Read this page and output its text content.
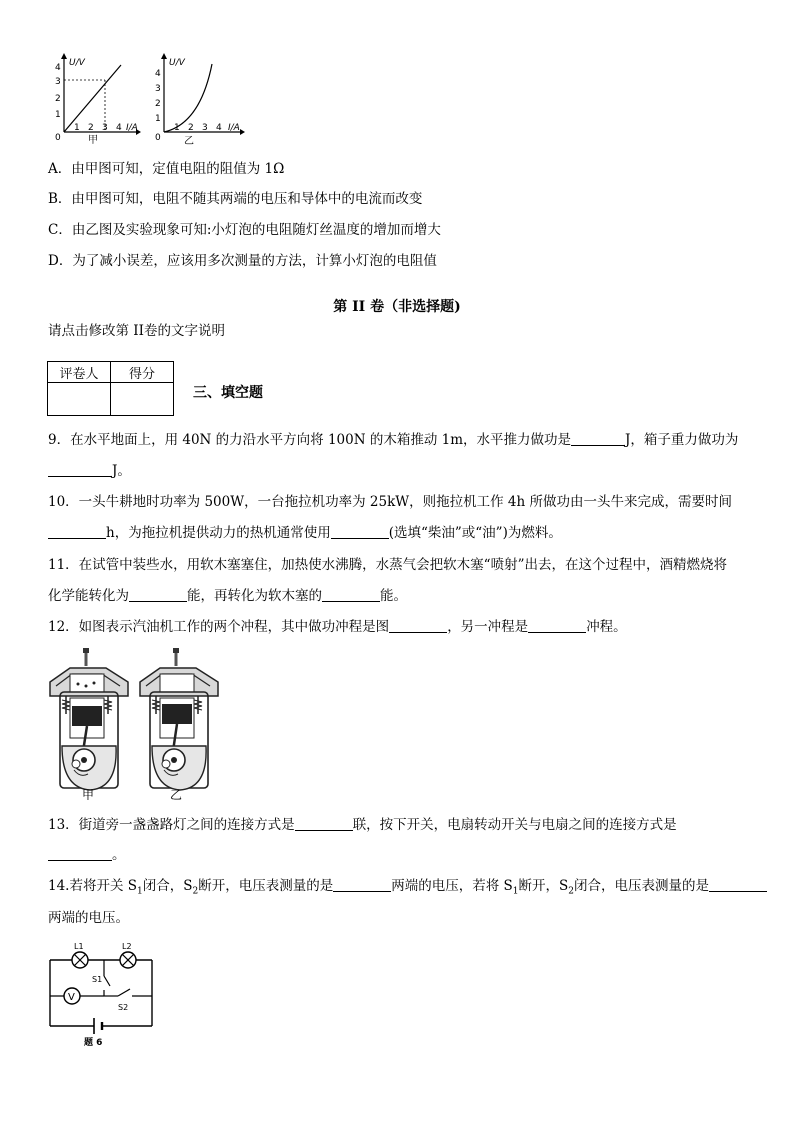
U/V
4
3
2
1
0
1 2 3 4 I/A
甲
U/V
4
3
2
1
0
1 2 3 4 I/A
乙
A．由甲图可知，定值电阻的阻值为 1Ω
B．由甲图可知，电阻不随其两端的电压和导体中的电流而改变
C．由乙图及实验现象可知:小灯泡的电阻随灯丝温度的增加而增大
D．为了减小误差，应该用多次测量的方法，计算小灯泡的电阻值
第 II 卷（非选择题)
请点击修改第 II卷的文字说明
评卷人	得分

三、填空题
9．在水平地面上，用 40N 的力沿水平方向将 100N 的木箱推动 1m，水平推力做功是	J，箱子重力做功为
J。
10．一头牛耕地时功率为 500W，一台拖拉机功率为 25kW，则拖拉机工作 4h 所做功由一头牛来完成，需要时间
h，为拖拉机提供动力的热机通常使用	(选填“柴油”或“油”)为燃料。
11．在试管中装些水，用软木塞塞住，加热使水沸腾，水蒸气会把软木塞“喷射”出去，在这个过程中，酒精燃烧将
化学能转化为	能，再转化为软木塞的	能。
12．如图表示汽油机工作的两个冲程，其中做功冲程是图	，另一冲程是	冲程。
甲	乙
13．街道旁一盏盏路灯之间的连接方式是	联，按下开关，电扇转动开关与电扇之间的连接方式是
。
14.若将开关 $S_1$闭合，$S_2$断开，电压表测量的是	两端的电压，若将 $S_1$断开，$S_2$闭合，电压表测量的是
两端的电压。
V
L1	L2
S1
S2
题 6
